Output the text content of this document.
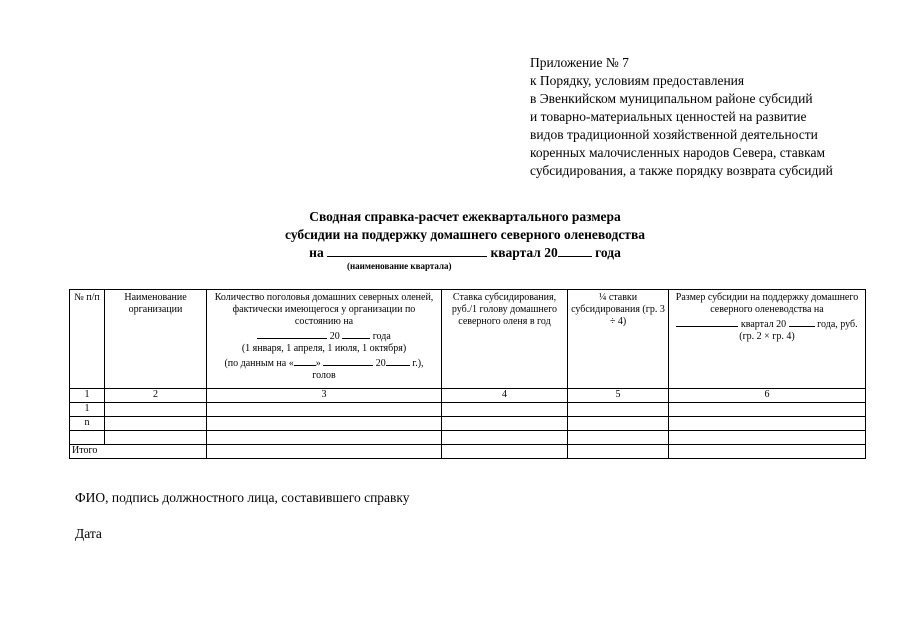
Приложение № 7
к Порядку, условиям предоставления
в Эвенкийском муниципальном районе субсидий
и товарно-материальных ценностей на развитие
видов традиционной хозяйственной деятельности
коренных малочисленных народов Севера, ставкам
субсидирования, а также порядку возврата субсидий
Сводная справка-расчет ежеквартального размера
субсидии на поддержку домашнего северного оленеводства
на	квартал 20	года
(наименование квартала)
№ п/п	Наименование организации	Количество поголовья домашних северных оленей, фактически имеющегося у организации по состоянию на
20 года
(1 января, 1 апреля, 1 июля, 1 октября)
(по данным на « » 20 г.),
голов	Ставка субсидирования, руб./1 голову домашнего северного оленя в год	¼ ставки субсидирования (гр. 3 ÷ 4)	Размер субсидии на поддержку домашнего северного оленеводства на
квартал 20 года, руб.
(гр. 2 × гр. 4)
1	2	3	4	5	6
1					
n					

Итого					
ФИО, подпись должностного лица, составившего справку
Дата
